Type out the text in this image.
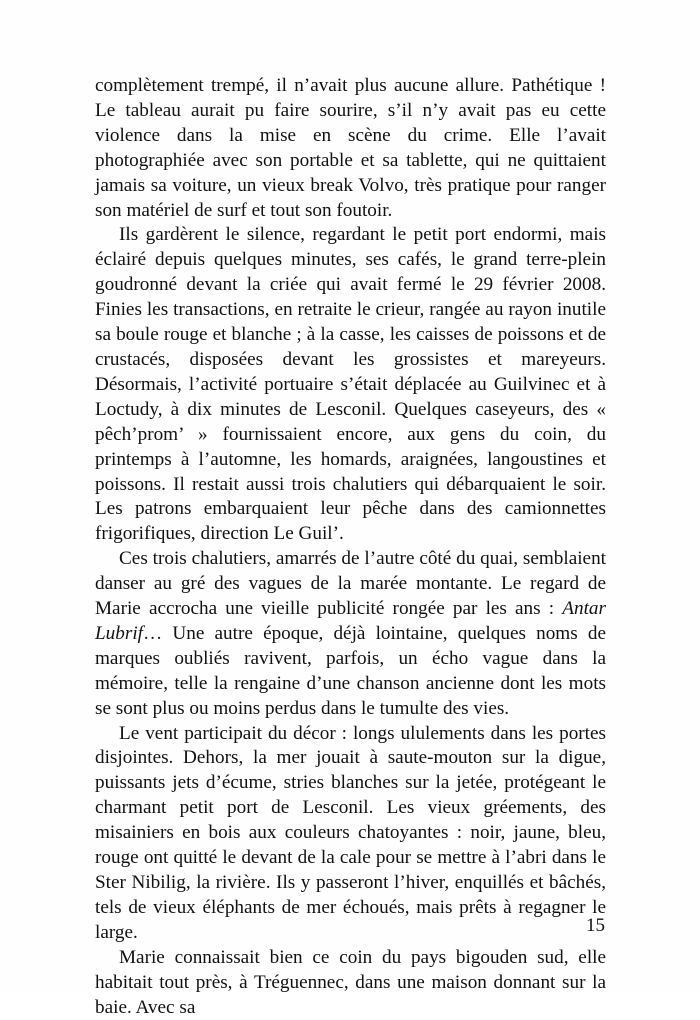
complètement trempé, il n’avait plus aucune allure. Pathétique ! Le tableau aurait pu faire sourire, s’il n’y avait pas eu cette violence dans la mise en scène du crime. Elle l’avait photographiée avec son portable et sa tablette, qui ne quittaient jamais sa voiture, un vieux break Volvo, très pratique pour ranger son matériel de surf et tout son foutoir.

Ils gardèrent le silence, regardant le petit port endormi, mais éclairé depuis quelques minutes, ses cafés, le grand terre-plein goudronné devant la criée qui avait fermé le 29 février 2008. Finies les transactions, en retraite le crieur, rangée au rayon inutile sa boule rouge et blanche ; à la casse, les caisses de poissons et de crustacés, disposées devant les grossistes et mareyeurs. Désormais, l’activité portuaire s’était déplacée au Guilvinec et à Loctudy, à dix minutes de Lesconil. Quelques caseyeurs, des « pêch’prom’ » fournissaient encore, aux gens du coin, du printemps à l’automne, les homards, araignées, langoustines et poissons. Il restait aussi trois chalutiers qui débarquaient le soir. Les patrons embarquaient leur pêche dans des camionnettes frigorifiques, direction Le Guil’.

Ces trois chalutiers, amarrés de l’autre côté du quai, semblaient danser au gré des vagues de la marée montante. Le regard de Marie accrocha une vieille publicité rongée par les ans : Antar Lubrif… Une autre époque, déjà lointaine, quelques noms de marques oubliés ravivent, parfois, un écho vague dans la mémoire, telle la rengaine d’une chanson ancienne dont les mots se sont plus ou moins perdus dans le tumulte des vies.

Le vent participait du décor : longs ululements dans les portes disjointes. Dehors, la mer jouait à saute-mouton sur la digue, puissants jets d’écume, stries blanches sur la jetée, protégeant le charmant petit port de Lesconil. Les vieux gréements, des misainiers en bois aux couleurs chatoyantes : noir, jaune, bleu, rouge ont quitté le devant de la cale pour se mettre à l’abri dans le Ster Nibilig, la rivière. Ils y passeront l’hiver, enquillés et bâchés, tels de vieux éléphants de mer échoués, mais prêts à regagner le large.

Marie connaissait bien ce coin du pays bigouden sud, elle habitait tout près, à Tréguennec, dans une maison donnant sur la baie. Avec sa

15
